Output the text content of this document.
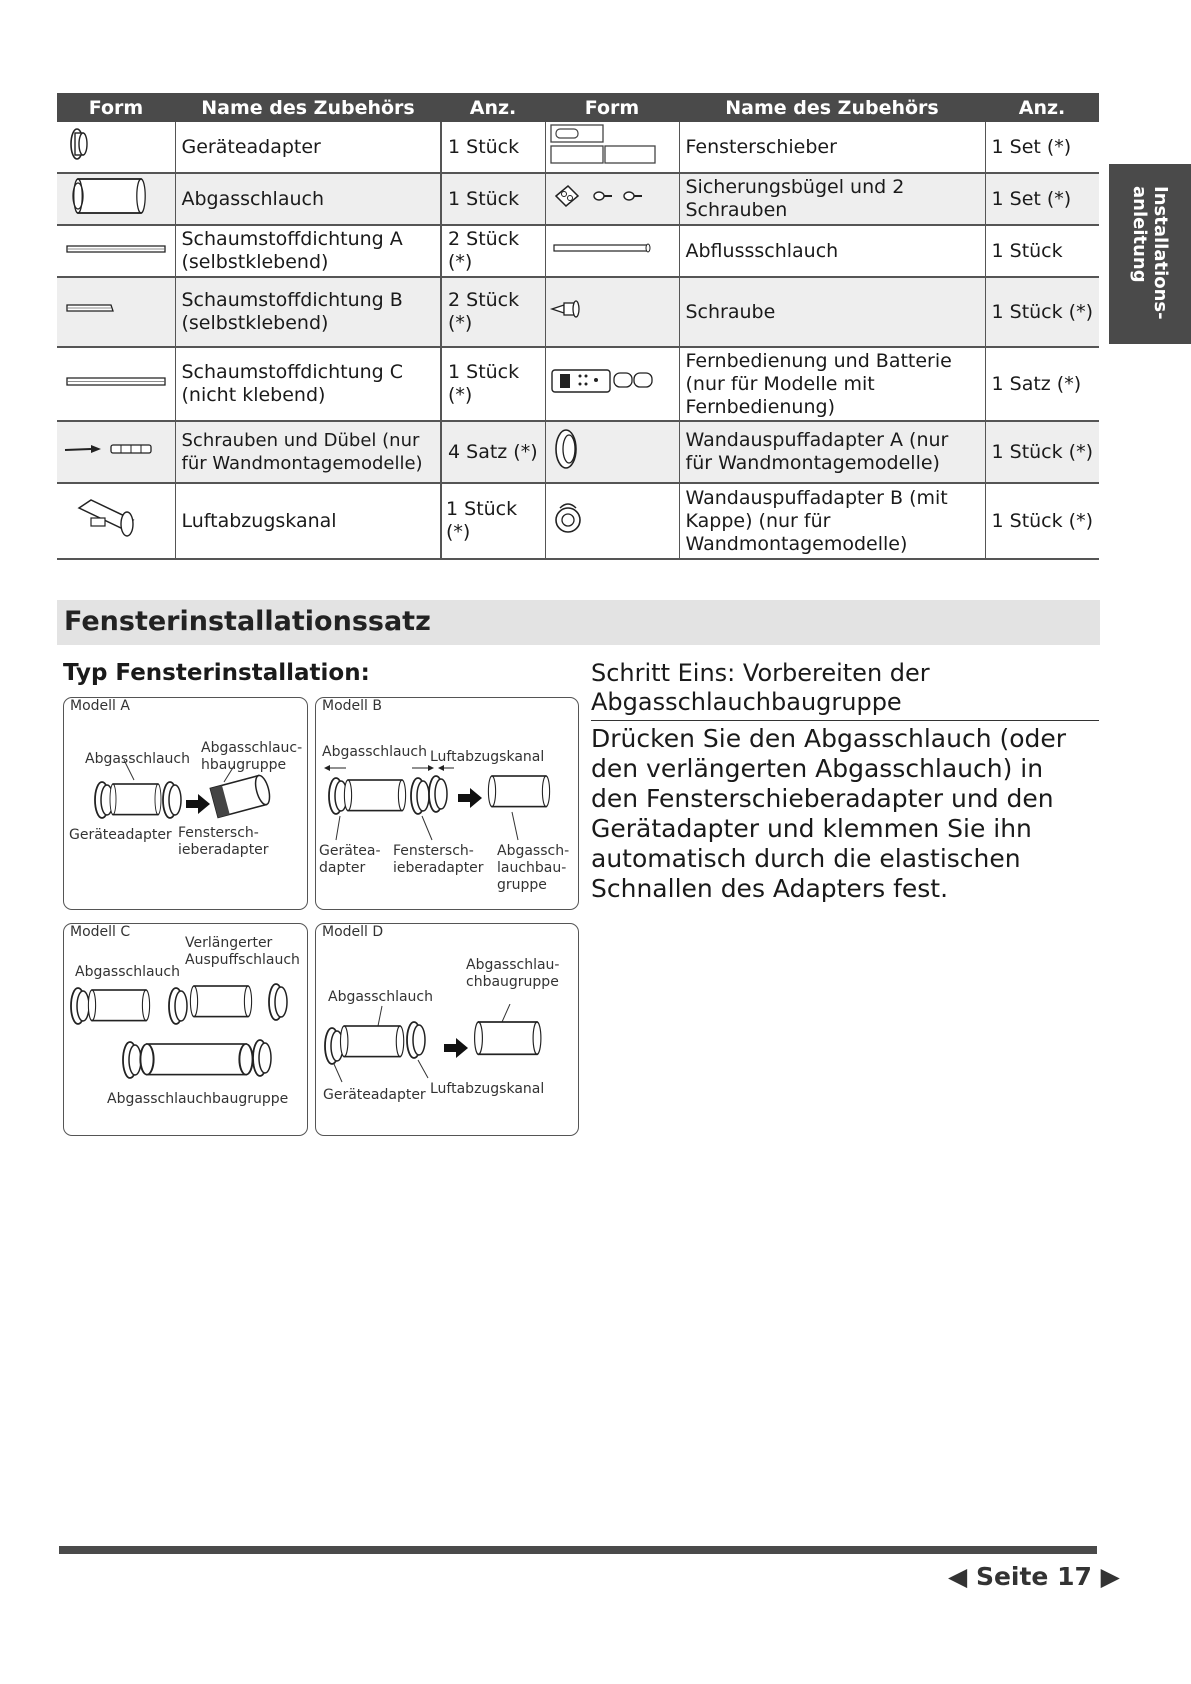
Form	Name des Zubehörs	Anz.	Form	Name des Zubehörs	Anz.
	Geräteadapter	1 Stück		Fensterschieber	1 Set (*)
	Abgasschlauch	1 Stück		Sicherungsbügel und 2 Schrauben	1 Set (*)
	Schaumstoffdichtung A (selbstklebend)	2 Stück (*)		Abflussschlauch	1 Stück
	Schaumstoffdichtung B (selbstklebend)	2 Stück (*)		Schraube	1 Stück (*)
	Schaumstoffdichtung C (nicht klebend)	1 Stück (*)		Fernbedienung und Batterie (nur für Modelle mit Fernbedienung)	1 Satz (*)
	Schrauben und Dübel (nur für Wandmontagemodelle)	4 Satz (*)		Wandauspuffadapter A (nur für Wandmontagemodelle)	1 Stück (*)
	Luftabzugskanal	1 Stück (*)		Wandauspuffadapter B (mit Kappe) (nur für Wandmontagemodelle)	1 Stück (*)
Installations-
anleitung
Fensterinstallationssatz
Typ Fensterinstallation:
Modell A
Abgasschlauch
Abgasschlauc-
hbaugruppe
Geräteadapter Fenstersch-
ieberadapter
Modell B
Abgasschlauch Luftabzugskanal
Gerätea-
dapter
Fenstersch-
ieberadapter
Abgassch-
lauchbau-
gruppe
Modell C
Abgasschlauch
Verlängerter
Auspuffschlauch
Abgasschlauchbaugruppe
Modell D
Abgasschlauch
Abgasschlau-
chbaugruppe
Geräteadapter Luftabzugskanal
Schritt Eins: Vorbereiten der Abgasschlauchbaugruppe
Drücken Sie den Abgasschlauch (oder den verlängerten Abgasschlauch) in den Fensterschieberadapter und den Gerätadapter und klemmen Sie ihn automatisch durch die elastischen Schnallen des Adapters fest.
◀ Seite 17 ▶
